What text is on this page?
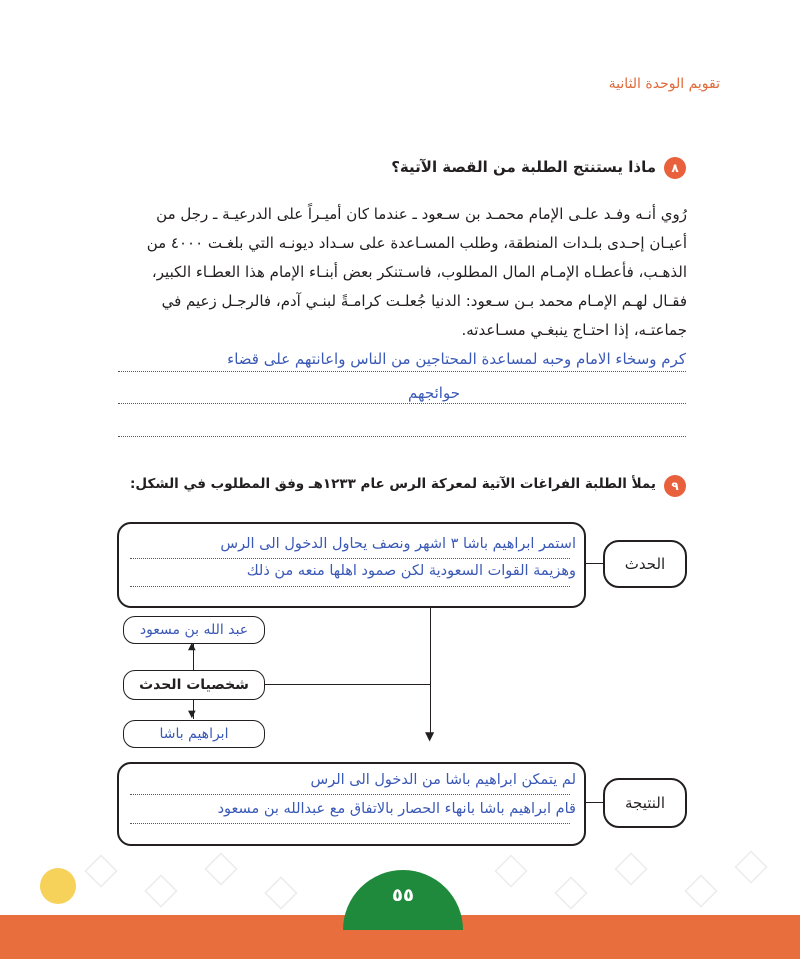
تقويم الوحدة الثانية
٨
ماذا يستنتج الطلبة من القصة الآتية؟
رُوي أنـه وفـد علـى الإمام محمـد بن سـعود ـ عندما كان أميـراً على الدرعيـة ـ رجل من
أعيـان إحـدى بلـدات المنطقة، وطلب المسـاعدة على سـداد ديونـه التي بلغـت ٤٠٠٠ من
الذهـب، فأعطـاه الإمـام المال المطلوب، فاسـتنكر بعض أبنـاء الإمام هذا العطـاء الكبير،
فقـال لهـم الإمـام محمد بـن سـعود: الدنيا جُعلـت كرامـةً لبنـي آدم، فالرجـل زعيم في
جماعتـه، إذا احتـاج ينبغـي مسـاعدته.
كرم وسخاء الامام وحبه لمساعدة المحتاجين من الناس واعانتهم على قضاء
حوائجهم
٩
يملأ الطلبة الفراغات الآتية لمعركة الرس عام ١٢٣٣هـ وفق المطلوب في الشكل:
استمر ابراهيم باشا ٣ اشهر ونصف يحاول الدخول الى الرس
وهزيمة القوات السعودية لكن صمود اهلها منعه من ذلك	الحدث
▼
عبد الله بن مسعود
▲
شخصيات الحدث
▼
ابراهيم باشا
لم يتمكن ابراهيم باشا من الدخول الى الرس
قام ابراهيم باشا بانهاء الحصار بالاتفاق مع عبدالله بن مسعود	النتيجة
٥٥
